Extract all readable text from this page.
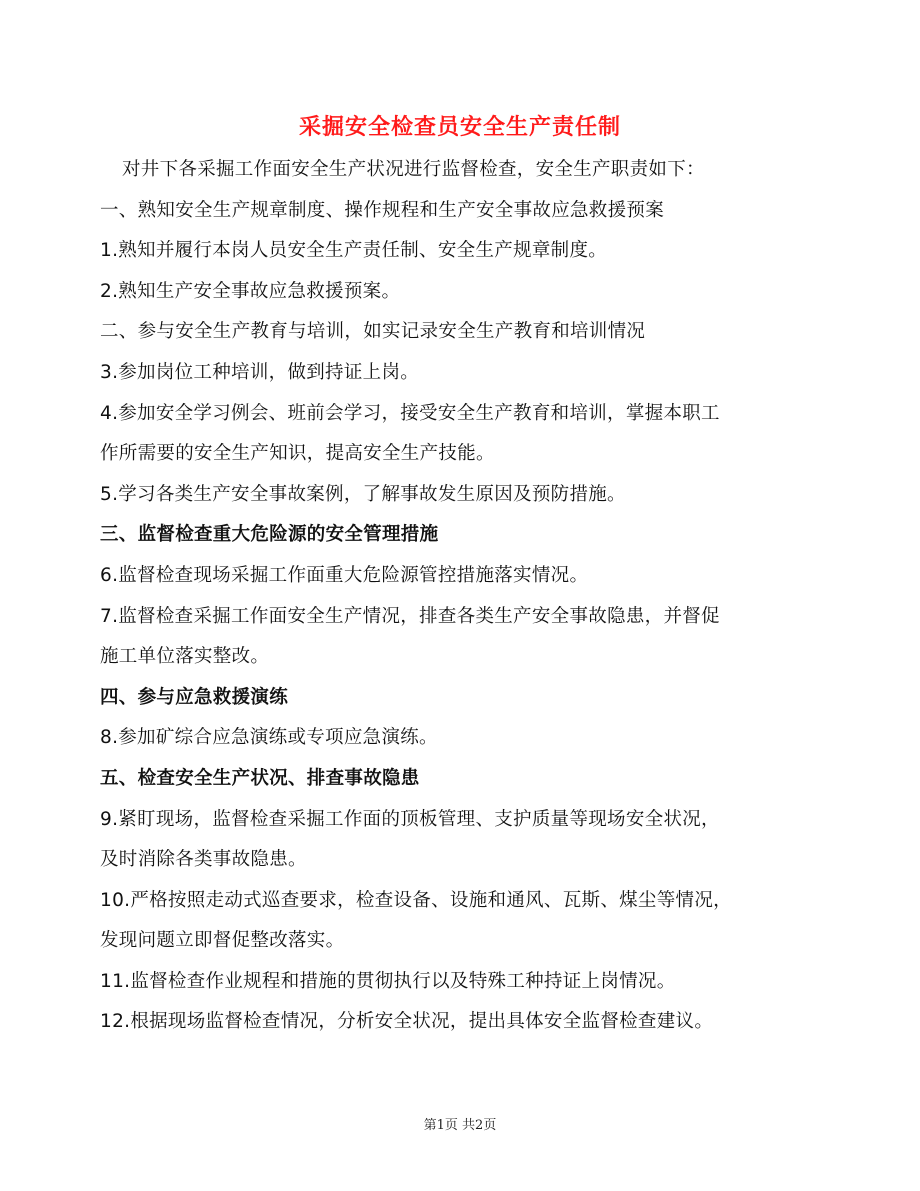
采掘安全检查员安全生产责任制
对井下各采掘工作面安全生产状况进行监督检查，安全生产职责如下：
一、熟知安全生产规章制度、操作规程和生产安全事故应急救援预案
1.熟知并履行本岗人员安全生产责任制、安全生产规章制度。
2.熟知生产安全事故应急救援预案。
二、参与安全生产教育与培训，如实记录安全生产教育和培训情况
3.参加岗位工种培训，做到持证上岗。
4.参加安全学习例会、班前会学习，接受安全生产教育和培训，掌握本职工
作所需要的安全生产知识，提高安全生产技能。
5.学习各类生产安全事故案例，了解事故发生原因及预防措施。
三、监督检查重大危险源的安全管理措施
6.监督检查现场采掘工作面重大危险源管控措施落实情况。
7.监督检查采掘工作面安全生产情况，排查各类生产安全事故隐患，并督促
施工单位落实整改。
四、参与应急救援演练
8.参加矿综合应急演练或专项应急演练。
五、检查安全生产状况、排查事故隐患
9.紧盯现场，监督检查采掘工作面的顶板管理、支护质量等现场安全状况，
及时消除各类事故隐患。
10.严格按照走动式巡查要求，检查设备、设施和通风、瓦斯、煤尘等情况，
发现问题立即督促整改落实。
11.监督检查作业规程和措施的贯彻执行以及特殊工种持证上岗情况。
12.根据现场监督检查情况，分析安全状况，提出具体安全监督检查建议。
第1页 共2页
